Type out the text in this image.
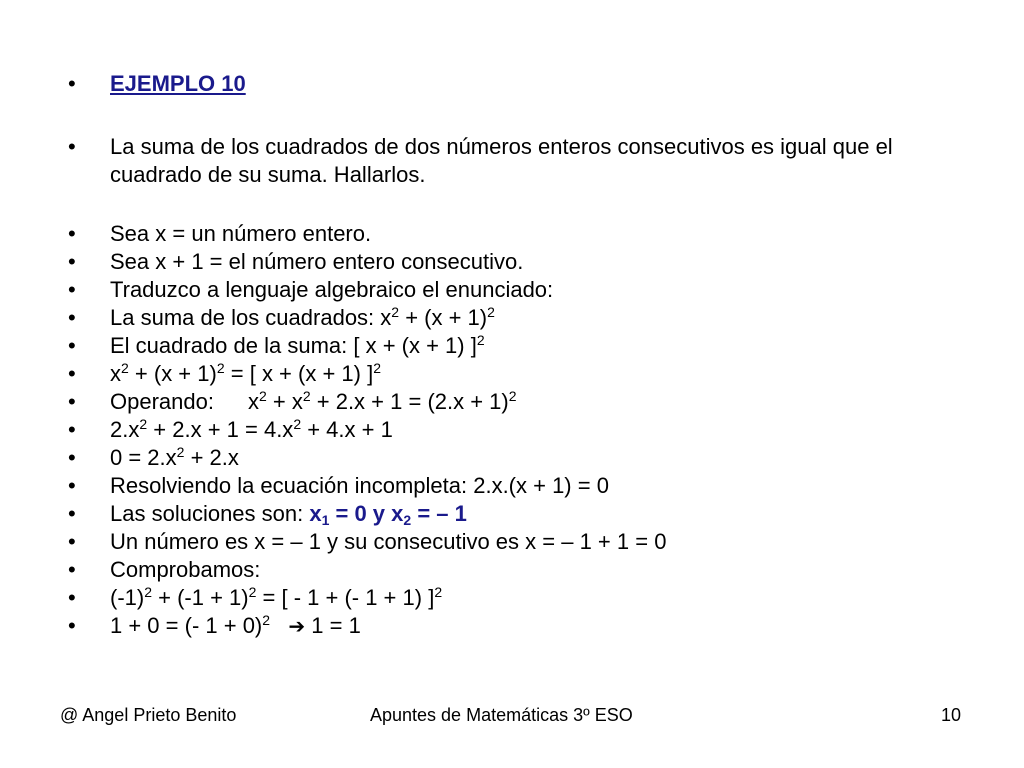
• EJEMPLO 10
• La suma de los cuadrados de dos números enteros consecutivos es igual que el cuadrado de su suma. Hallarlos.
• Sea x = un número entero.
• Sea x + 1 = el número entero consecutivo.
• Traduzco a lenguaje algebraico el enunciado:
• La suma de los cuadrados: $x^2 + (x + 1)^2$
• El cuadrado de la suma: [ x + (x + 1) ]$^2$
• $x^2 + (x + 1)^2$ = [ x + (x + 1) ]$^2$
• Operando: $x^2 + x^2 + 2.x + 1 = (2.x + 1)^2$
• $2.x^2 + 2.x + 1 = 4.x^2 + 4.x + 1$
• $0 = 2.x^2 + 2.x$
• Resolviendo la ecuación incompleta: 2.x.(x + 1) = 0
• Las soluciones son: $x_1 = 0$ y $x_2$ = – 1
• Un número es x = – 1 y su consecutivo es x = – 1 + 1 = 0
• Comprobamos:
• $(-1)^2 + (-1 + 1)^2$ = [ - 1 + (- 1 + 1) ]$^2$
• 1 + 0 = (- 1 + 0)$^2$ ➔ 1 = 1
@ Angel Prieto Benito	Apuntes de Matemáticas 3º ESO	10
